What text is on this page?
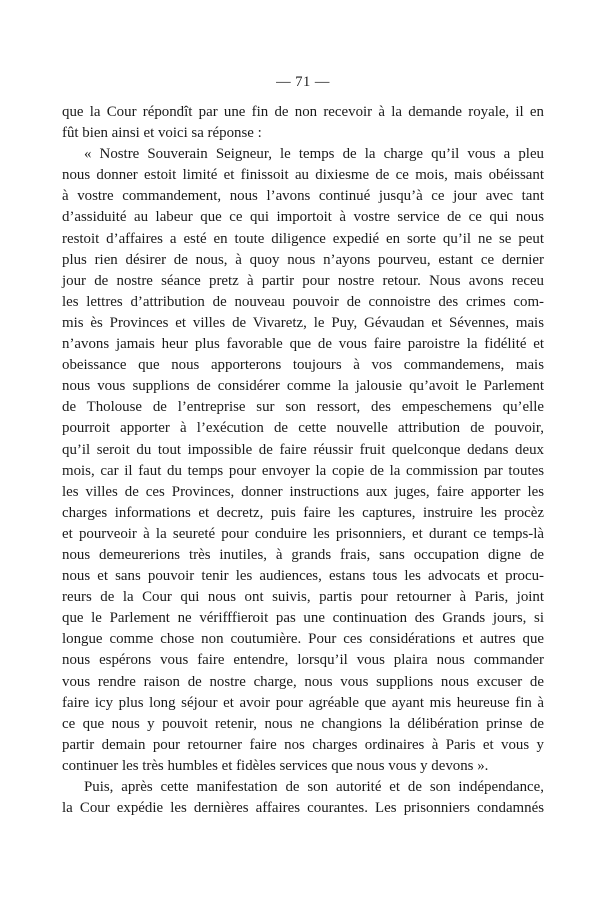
— 71 —

que la Cour répondît par une fin de non recevoir à la demande royale, il en
fût bien ainsi et voici sa réponse :

« Nostre Souverain Seigneur, le temps de la charge qu’il vous a pleu
nous donner estoit limité et finissoit au dixiesme de ce mois, mais obéissant
à vostre commandement, nous l’avons continué jusqu’à ce jour avec tant
d’assiduité au labeur que ce qui importoit à vostre service de ce qui nous
restoit d’affaires a esté en toute diligence expedié en sorte qu’il ne se peut
plus rien désirer de nous, à quoy nous n’ayons pourveu, estant ce dernier
jour de nostre séance pretz à partir pour nostre retour. Nous avons receu
les lettres d’attribution de nouveau pouvoir de connoistre des crimes com-
mis ès Provinces et villes de Vivaretz, le Puy, Gévaudan et Sévennes, mais
n’avons jamais heur plus favorable que de vous faire paroistre la fidélité et
obeissance que nous apporterons toujours à vos commandemens, mais
nous vous supplions de considérer comme la jalousie qu’avoit le Parlement
de Tholouse de l’entreprise sur son ressort, des empeschemens qu’elle
pourroit apporter à l’exécution de cette nouvelle attribution de pouvoir,
qu’il seroit du tout impossible de faire réussir fruit quelconque dedans deux
mois, car il faut du temps pour envoyer la copie de la commission par toutes
les villes de ces Provinces, donner instructions aux juges, faire apporter les
charges informations et decretz, puis faire les captures, instruire les procèz
et pourveoir à la seureté pour conduire les prisonniers, et durant ce temps-là
nous demeurerions très inutiles, à grands frais, sans occupation digne de
nous et sans pouvoir tenir les audiences, estans tous les advocats et procu-
reurs de la Cour qui nous ont suivis, partis pour retourner à Paris, joint
que le Parlement ne vérifffieroit pas une continuation des Grands jours, si
longue comme chose non coutumière. Pour ces considérations et autres que
nous espérons vous faire entendre, lorsqu’il vous plaira nous commander
vous rendre raison de nostre charge, nous vous supplions nous excuser de
faire icy plus long séjour et avoir pour agréable que ayant mis heureuse fin à
ce que nous y pouvoit retenir, nous ne changions la délibération prinse de
partir demain pour retourner faire nos charges ordinaires à Paris et vous y
continuer les très humbles et fidèles services que nous vous y devons ».

Puis, après cette manifestation de son autorité et de son indépendance,
la Cour expédie les dernières affaires courantes. Les prisonniers condamnés
